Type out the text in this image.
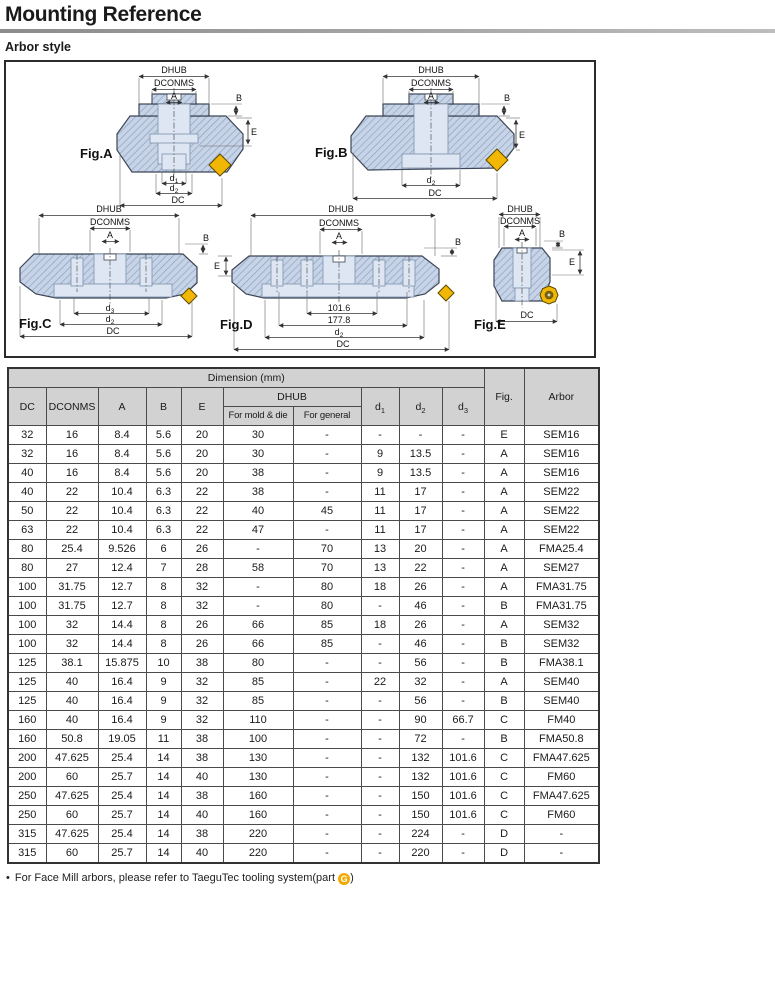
Mounting Reference
Arbor style
DHUB
DCONMS
A	B
E
$d_1$
$d_2$
DC
Fig.A
DHUB
DCONMS
A	B
E
$d_2$
DC
Fig.B
DHUB
DCONMS
A	B
$d_3$
$d_2$
DC
Fig.C
DHUB
DCONMS
A
B
E
101.6
177.8
$d_2$
DC
Fig.D
DHUB
DCONMS
A	B
E
DC
Fig.E
Dimension (mm)										Fig.	Arbor
DC	DCONMS	A	B	E	DHUB		$d_1$	$d_2$	$d_3$
					For mold & die	For general					
32	16	8.4	5.6	20	30	-	-	-	-	E	SEM16
32	16	8.4	5.6	20	30	-	9	13.5	-	A	SEM16
40	16	8.4	5.6	20	38	-	9	13.5	-	A	SEM16
40	22	10.4	6.3	22	38	-	11	17	-	A	SEM22
50	22	10.4	6.3	22	40	45	11	17	-	A	SEM22
63	22	10.4	6.3	22	47	-	11	17	-	A	SEM22
80	25.4	9.526	6	26	-	70	13	20	-	A	FMA25.4
80	27	12.4	7	28	58	70	13	22	-	A	SEM27
100	31.75	12.7	8	32	-	80	18	26	-	A	FMA31.75
100	31.75	12.7	8	32	-	80	-	46	-	B	FMA31.75
100	32	14.4	8	26	66	85	18	26	-	A	SEM32
100	32	14.4	8	26	66	85	-	46	-	B	SEM32
125	38.1	15.875	10	38	80	-	-	56	-	B	FMA38.1
125	40	16.4	9	32	85	-	22	32	-	A	SEM40
125	40	16.4	9	32	85	-	-	56	-	B	SEM40
160	40	16.4	9	32	110	-	-	90	66.7	C	FM40
160	50.8	19.05	11	38	100	-	-	72	-	B	FMA50.8
200	47.625	25.4	14	38	130	-	-	132	101.6	C	FMA47.625
200	60	25.7	14	40	130	-	-	132	101.6	C	FM60
250	47.625	25.4	14	38	160	-	-	150	101.6	C	FMA47.625
250	60	25.7	14	40	160	-	-	150	101.6	C	FM60
315	47.625	25.4	14	38	220	-	-	224	-	D	-
315	60	25.7	14	40	220	-	-	220	-	D	-

• For Face Mill arbors, please refer to TaeguTec tooling system(part G )
